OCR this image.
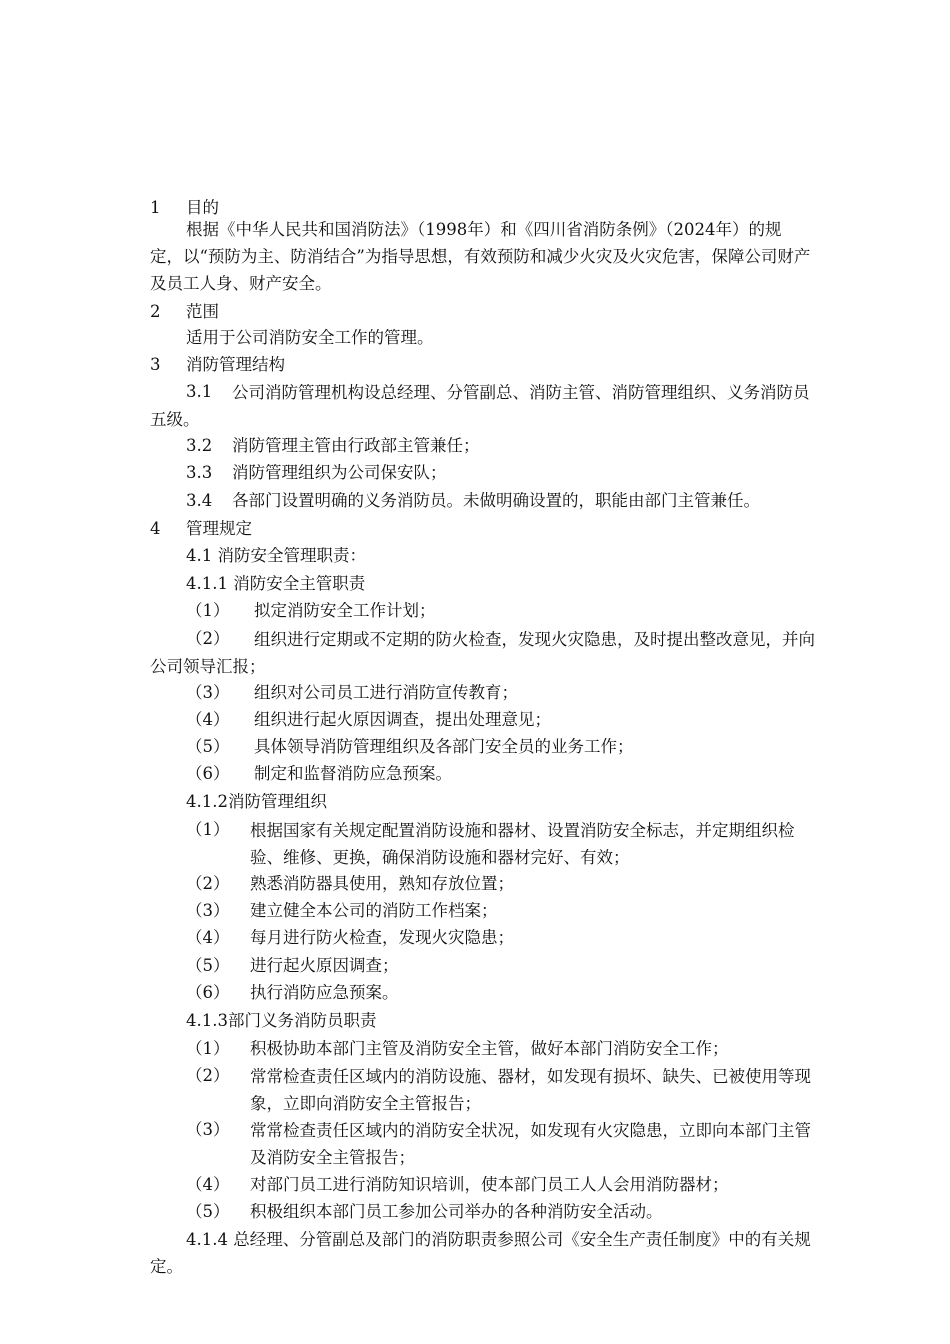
1 目的
根据《中华人民共和国消防法》（1998年）和《四川省消防条例》（2024年）的规定，以“预防为主、防消结合”为指导思想，有效预防和减少火灾及火灾危害，保障公司财产及员工人身、财产安全。
2 范围
适用于公司消防安全工作的管理。
3 消防管理结构
3.1	公司消防管理机构设总经理、分管副总、消防主管、消防管理组织、义务消防员五级。
3.2 消防管理主管由行政部主管兼任；
3.3 消防管理组织为公司保安队；
3.4 各部门设置明确的义务消防员。未做明确设置的，职能由部门主管兼任。
4 管理规定
4.1 消防安全管理职责：
4.1.1 消防安全主管职责
（1） 拟定消防安全工作计划；
（2）	组织进行定期或不定期的防火检查，发现火灾隐患，及时提出整改意见，并向公司领导汇报；
（3） 组织对公司员工进行消防宣传教育；
（4） 组织进行起火原因调查，提出处理意见；
（5） 具体领导消防管理组织及各部门安全员的业务工作；
（6） 制定和监督消防应急预案。
4.1.2消防管理组织
（1） 根据国家有关规定配置消防设施和器材、设置消防安全标志，并定期组织检验、维修、更换，确保消防设施和器材完好、有效；
（2） 熟悉消防器具使用，熟知存放位置；
（3） 建立健全本公司的消防工作档案；
（4） 每月进行防火检查，发现火灾隐患；
（5） 进行起火原因调查；
（6） 执行消防应急预案。
4.1.3部门义务消防员职责
（1） 积极协助本部门主管及消防安全主管，做好本部门消防安全工作；
（2） 常常检查责任区域内的消防设施、器材，如发现有损坏、缺失、已被使用等现象，立即向消防安全主管报告；
（3） 常常检查责任区域内的消防安全状况，如发现有火灾隐患，立即向本部门主管及消防安全主管报告；
（4） 对部门员工进行消防知识培训，使本部门员工人人会用消防器材；
（5） 积极组织本部门员工参加公司举办的各种消防安全活动。
4.1.4 总经理、分管副总及部门的消防职责参照公司《安全生产责任制度》中的有关规定。
